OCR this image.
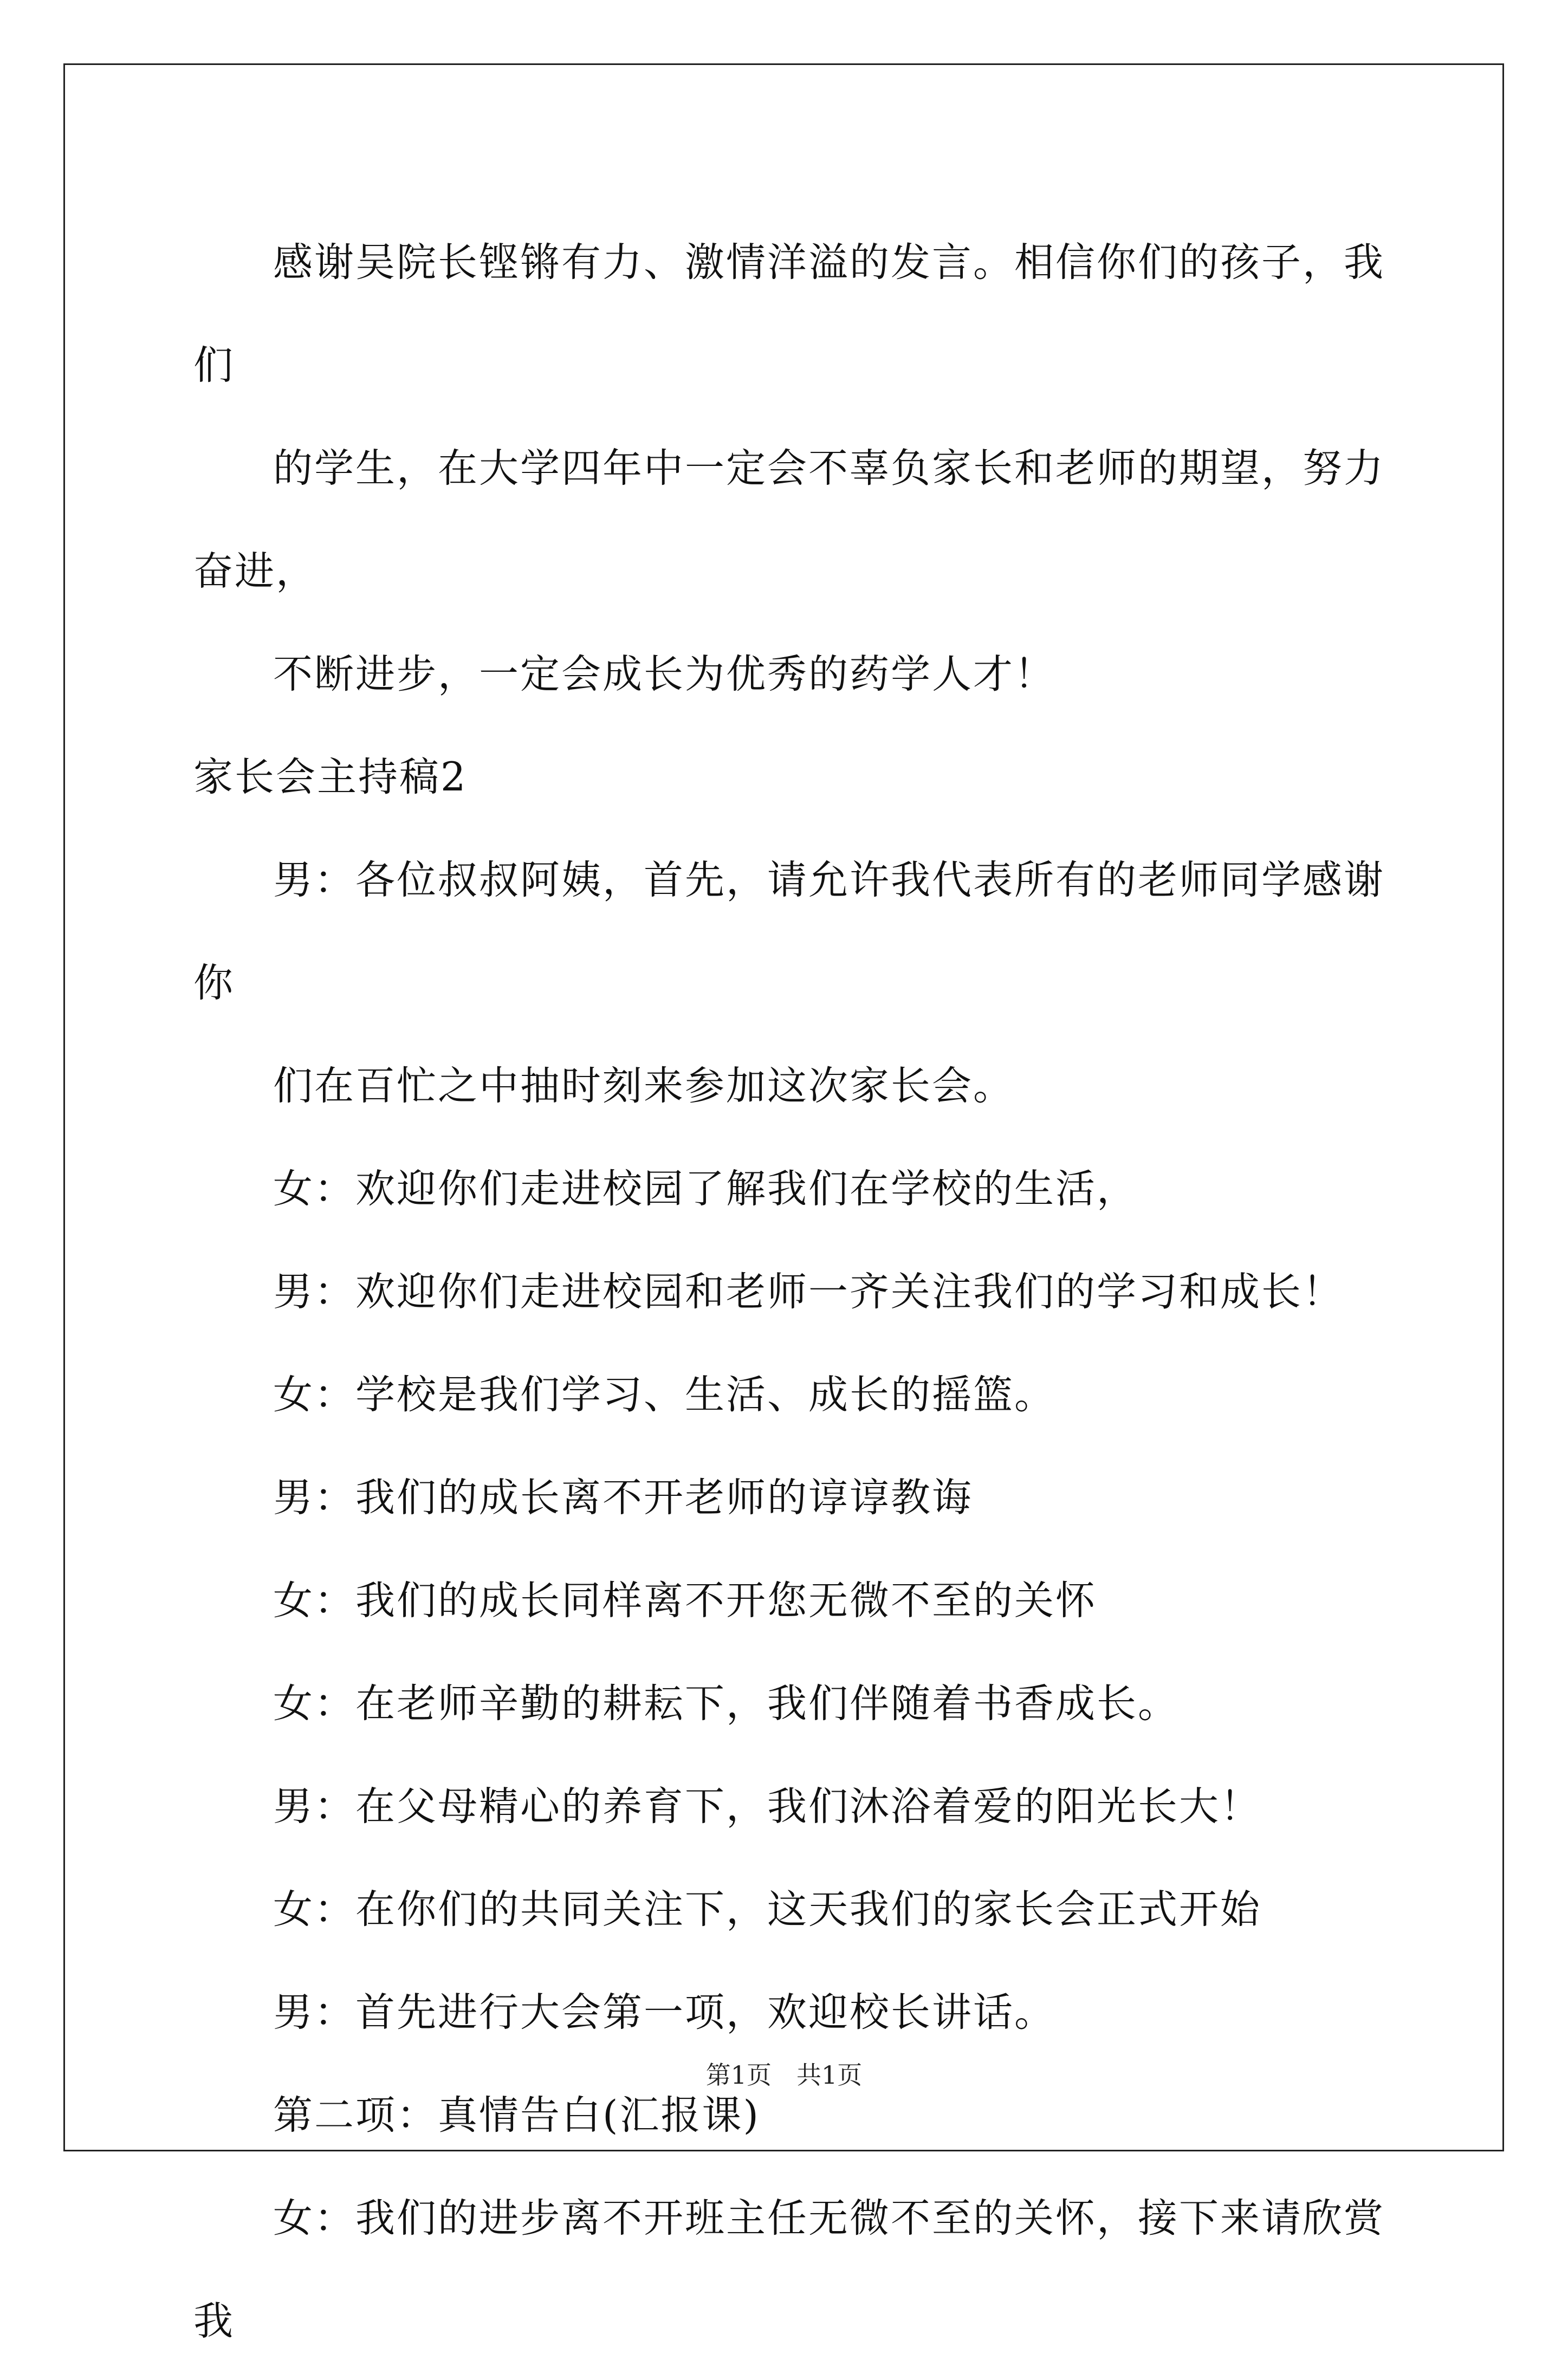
感谢吴院长铿锵有力、激情洋溢的发言。相信你们的孩子，我们
的学生，在大学四年中一定会不辜负家长和老师的期望，努力奋进，
不断进步，一定会成长为优秀的药学人才！

家长会主持稿2

男：各位叔叔阿姨，首先，请允许我代表所有的老师同学感谢你
们在百忙之中抽时刻来参加这次家长会。

女：欢迎你们走进校园了解我们在学校的生活，

男：欢迎你们走进校园和老师一齐关注我们的学习和成长！

女：学校是我们学习、生活、成长的摇篮。

男：我们的成长离不开老师的谆谆教诲

女：我们的成长同样离不开您无微不至的关怀

女：在老师辛勤的耕耘下，我们伴随着书香成长。

男：在父母精心的养育下，我们沐浴着爱的阳光长大！

女：在你们的共同关注下，这天我们的家长会正式开始

男：首先进行大会第一项，欢迎校长讲话。

第二项：真情告白(汇报课)

女：我们的进步离不开班主任无微不至的关怀，接下来请欣赏我

第1页　共1页
